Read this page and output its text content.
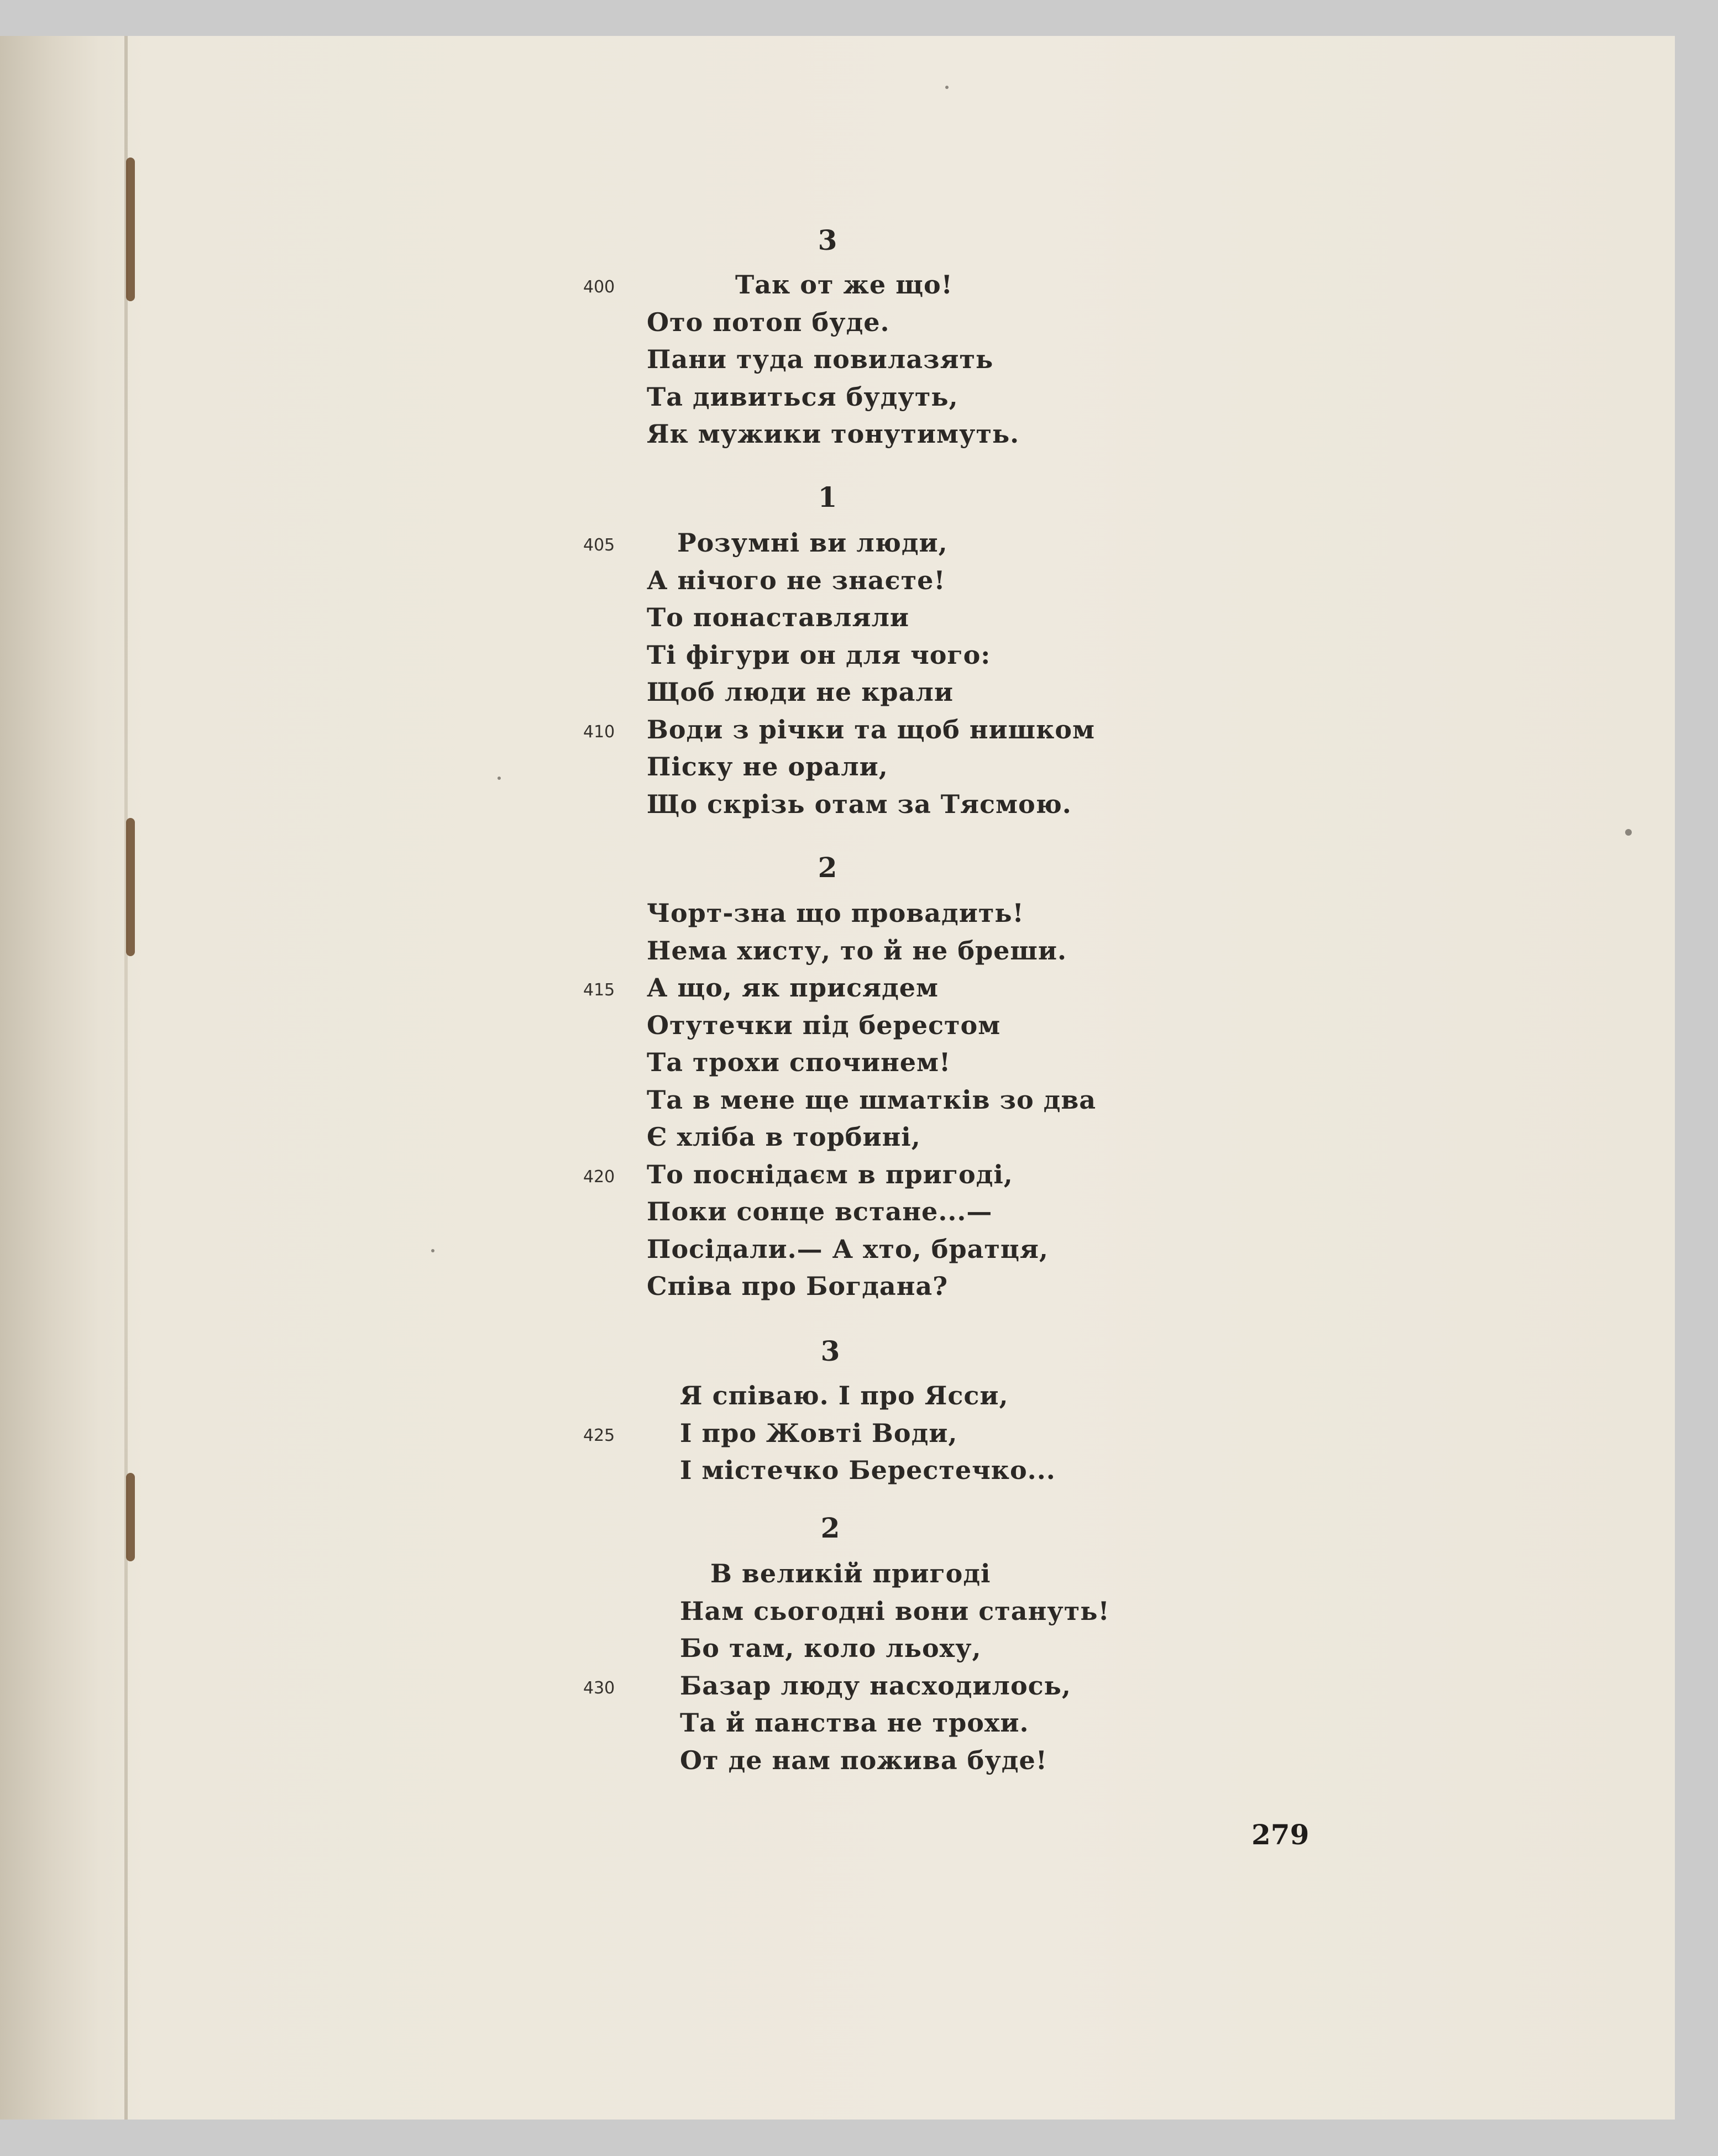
3
Так от же що!
400
Ото потоп буде.
Пани туда повилазять
Та дивиться будуть,
Як мужики тонутимуть.
1
Розумні ви люди,
405
А нічого не знаєте!
То понаставляли
Ті фігури он для чого:
Щоб люди не крали
Води з річки та щоб нишком
410
Піску не орали,
Що скрізь отам за Тясмою.
2
Чорт-зна що провадить!
Нема хисту, то й не бреши.
А що, як присядем
415
Отутечки під берестом
Та трохи спочинем!
Та в мене ще шматків зо два
Є хліба в торбині,
То поснідаєм в пригоді,
420
Поки сонце встане...—
Посідали.— А хто, братця,
Співа про Богдана?
3
Я співаю. І про Ясси,
І про Жовті Води,
425
І містечко Берестечко...
2
В великій пригоді
Нам сьогодні вони стануть!
Бо там, коло льоху,
Базар люду насходилось,
430
Та й панства не трохи.
От де нам пожива буде!
279
